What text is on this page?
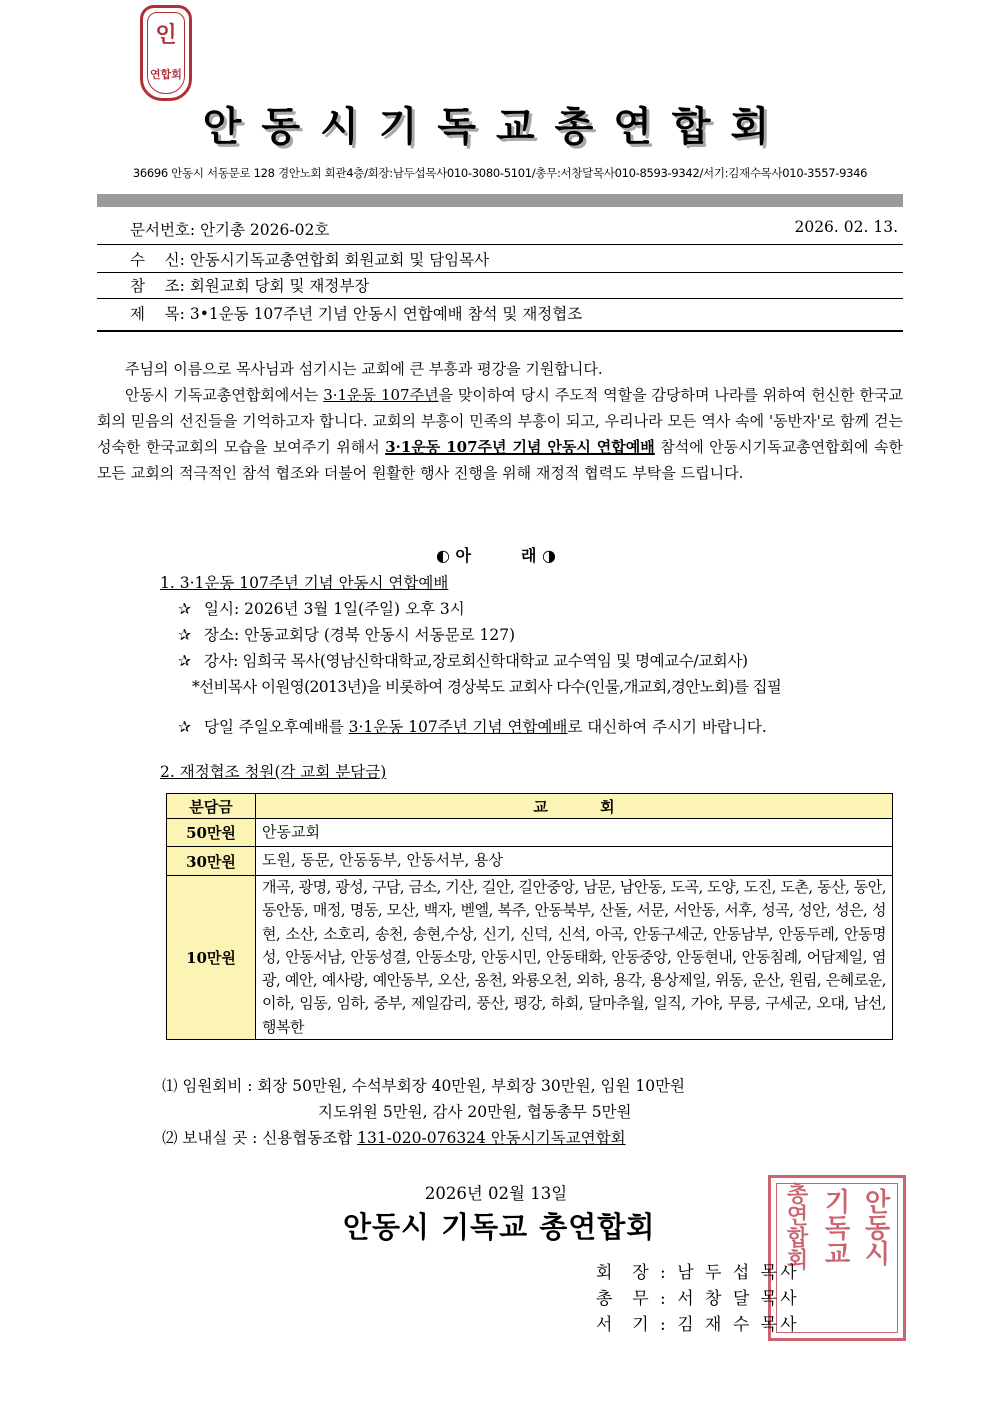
인
연합회
안동시기독교총연합회
36696 안동시 서동문로 128 경안노회 회관4층/회장:남두섭목사010-3080-5101/총무:서창달목사010-8593-9342/서기:김재수목사010-3557-9346
문서번호: 안기총 2026-02호	2026. 02. 13.
수    신: 안동시기독교총연합회 회원교회 및 담임목사
참    조: 회원교회 당회 및 재정부장
제    목: 3•1운동 107주년 기념 안동시 연합예배 참석 및 재정협조

주님의 이름으로 목사님과 섬기시는 교회에 큰 부흥과 평강을 기원합니다.

안동시 기독교총연합회에서는 3·1운동 107주년을 맞이하여 당시 주도적 역할을 감당하며 나라를 위하여 헌신한 한국교회의 믿음의 선진들을 기억하고자 합니다. 교회의 부흥이 민족의 부흥이 되고, 우리나라 모든 역사 속에 '동반자'로 함께 걷는 성숙한 한국교회의 모습을 보여주기 위해서 3·1운동 107주년 기념 안동시 연합예배 참석에 안동시기독교총연합회에 속한 모든 교회의 적극적인 참석 협조와 더불어 원활한 행사 진행을 위해 재정적 협력도 부탁을 드립니다.

◐ 아	래 ◑
1. 3·1운동 107주년 기념 안동시 연합예배
✰ 일시: 2026년 3월 1일(주일) 오후 3시
✰ 장소: 안동교회당 (경북 안동시 서동문로 127)
✰ 강사: 임희국 목사(영남신학대학교,장로회신학대학교 교수역임 및 명예교수/교회사)
*선비목사 이원영(2013년)을 비롯하여 경상북도 교회사 다수(인물,개교회,경안노회)를 집필
✰ 당일 주일오후예배를 3·1운동 107주년 기념 연합예배로 대신하여 주시기 바랍니다.
2. 재정협조 청원(각 교회 분담금)
분담금	교          회
50만원	안동교회
30만원	도원, 동문, 안동동부, 안동서부, 용상
10만원	개곡, 광명, 광성, 구담, 금소, 기산, 길안, 길안중앙, 남문, 남안동, 도곡, 도양, 도진, 도촌, 동산, 동안, 동안동, 매정, 명동, 모산, 백자, 벧엘, 복주, 안동북부, 산돌, 서문, 서안동, 서후, 성곡, 성안, 성은, 성현, 소산, 소호리, 송천, 송현,수상, 신기, 신덕, 신석, 아곡, 안동구세군, 안동남부, 안동두레, 안동명성, 안동서남, 안동성결, 안동소망, 안동시민, 안동태화, 안동중앙, 안동현내, 안동침례, 어담제일, 염광, 예안, 예사랑, 예안동부, 오산, 옹천, 와룡오천, 외하, 용각, 용상제일, 위동, 운산, 원림, 은혜로운, 이하, 임동, 임하, 중부, 제일감리, 풍산, 평강, 하회, 달마추월, 일직, 가야, 무릉, 구세군, 오대, 남선, 행복한
⑴ 임원회비 : 회장 50만원, 수석부회장 40만원, 부회장 30만원, 임원 10만원
지도위원 5만원, 감사 20만원, 협동총무 5만원
⑵ 보내실 곳 : 신용협동조합 131-020-076324 안동시기독교연합회
2026년 02월 13일
안동시 기독교 총연합회	안동시
기독교
총연합회
회  장 : 남 두 섭 목사
총  무 : 서 창 달 목사
서  기 : 김 재 수 목사
